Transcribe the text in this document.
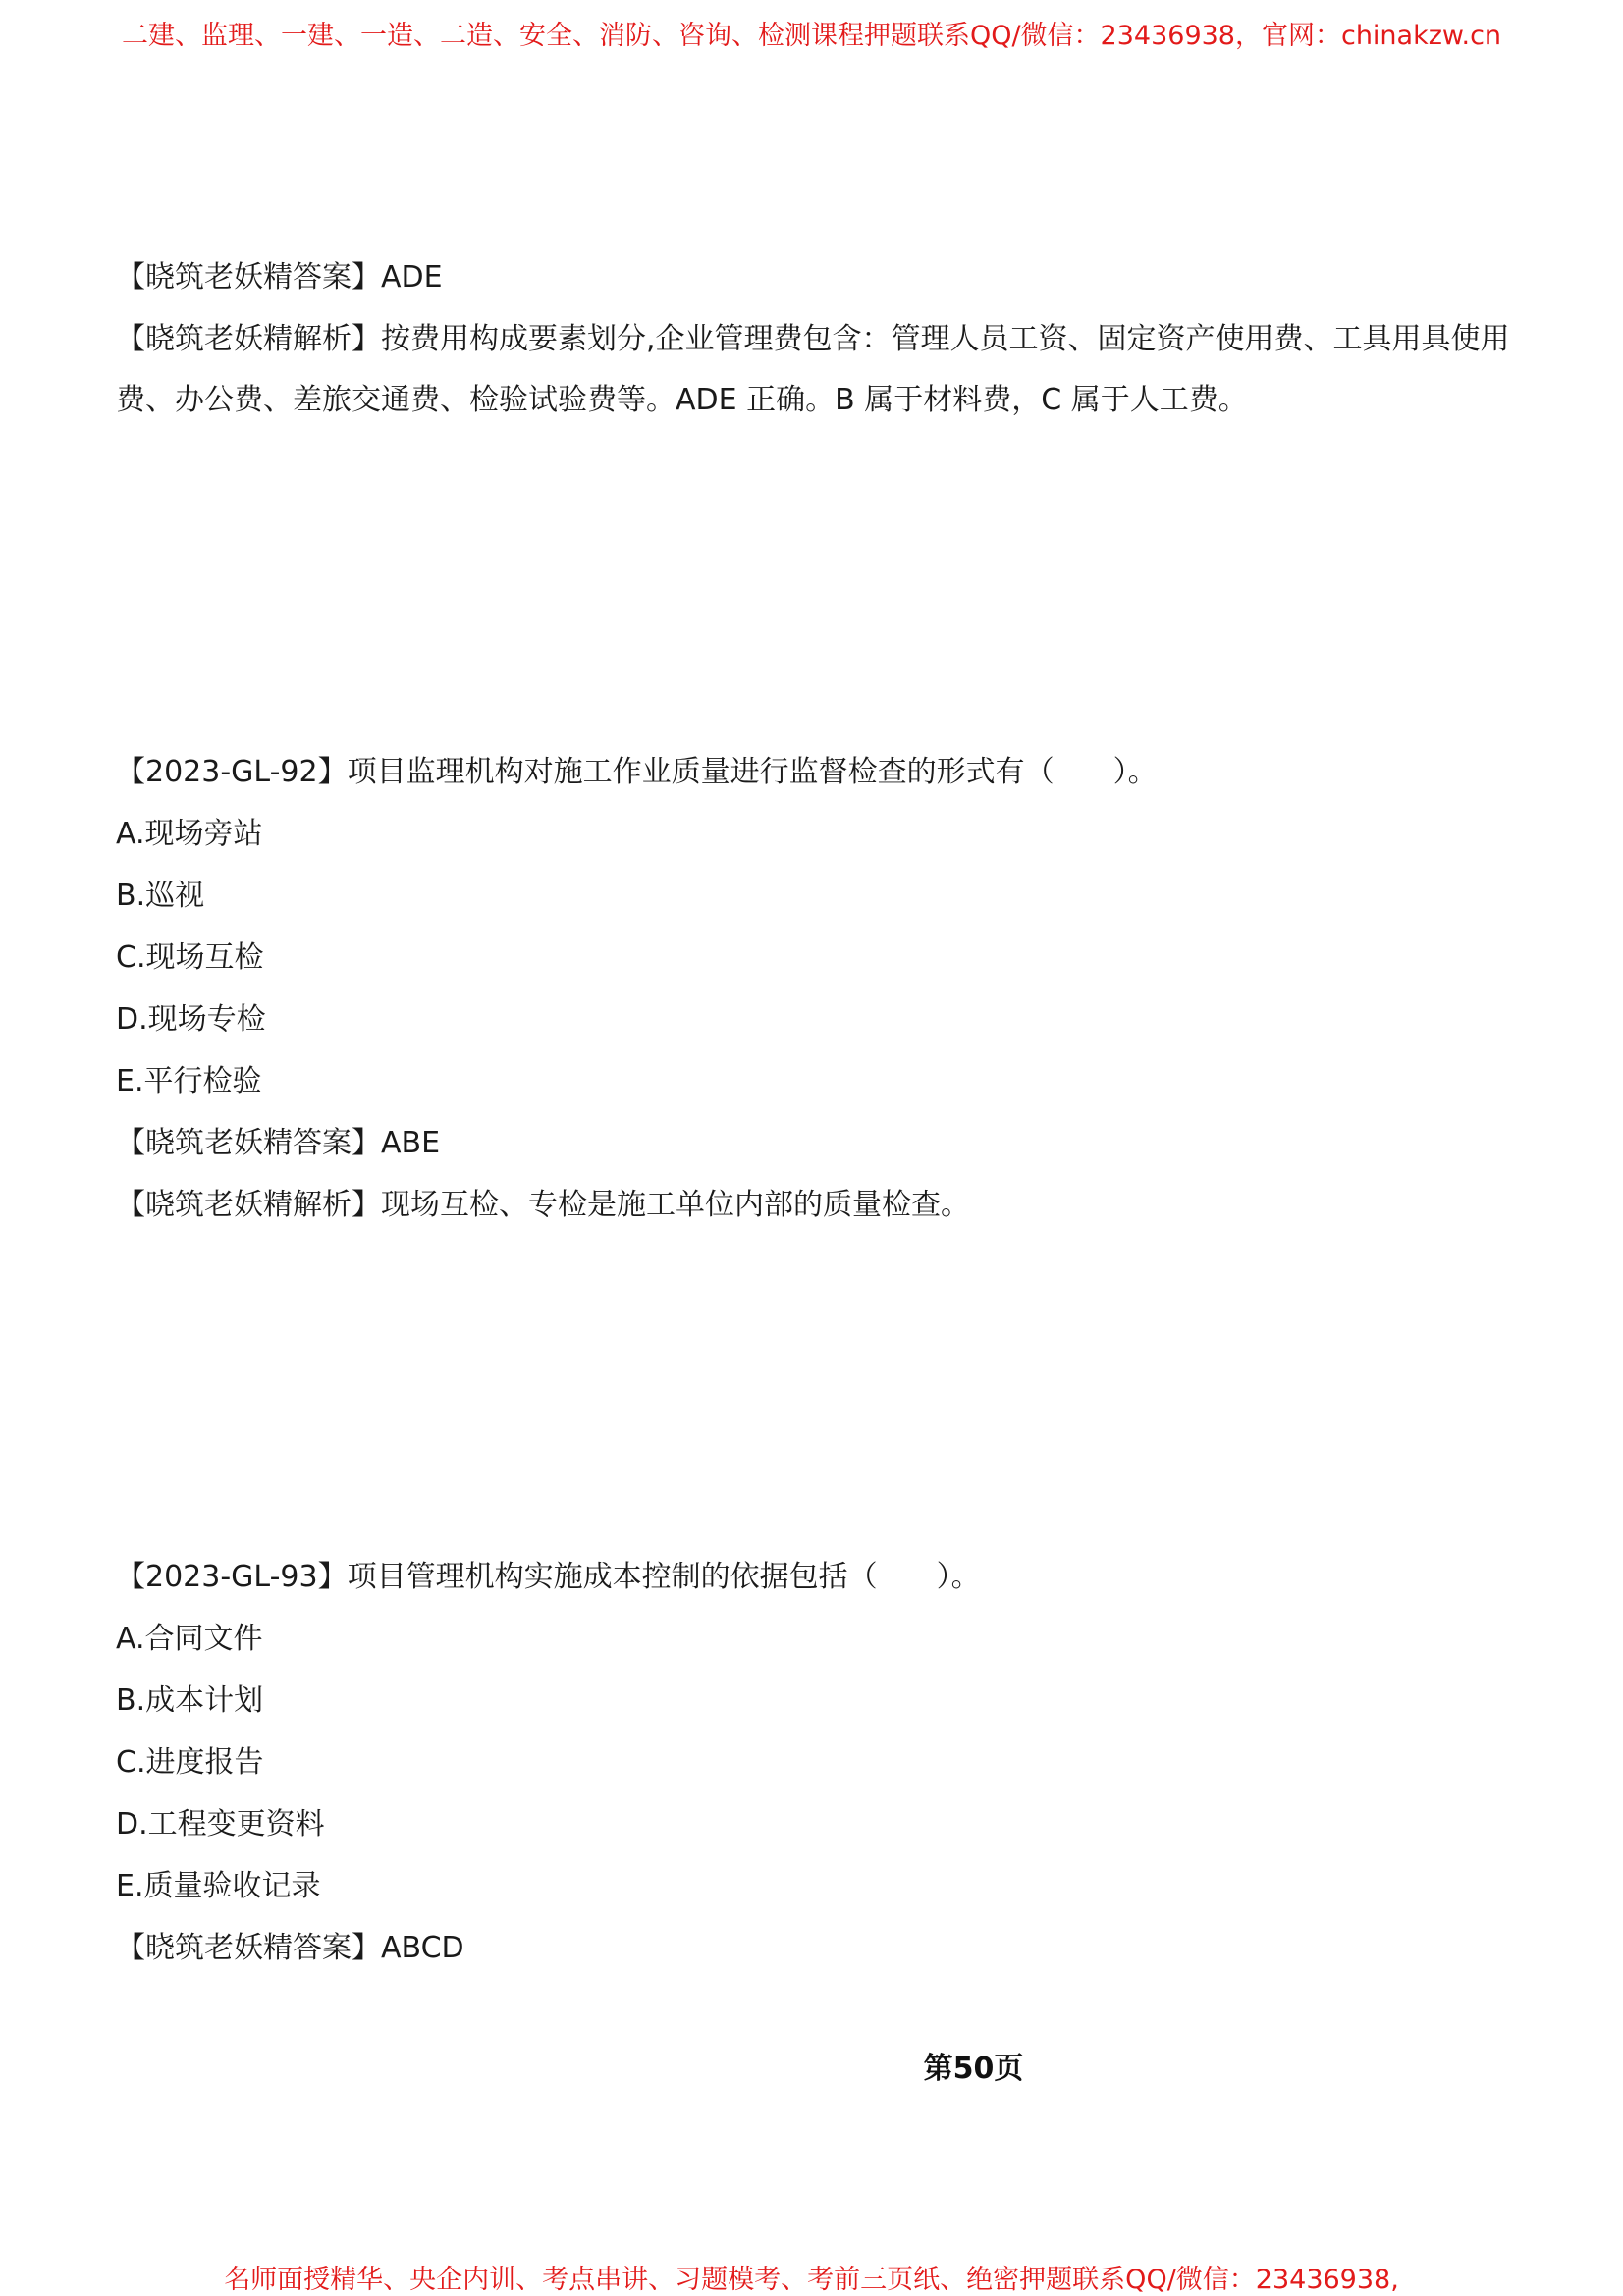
二建、监理、一建、一造、二造、安全、消防、咨询、检测课程押题联系QQ/微信：23436938，官网：chinakzw.cn
【晓筑老妖精答案】ADE
【晓筑老妖精解析】按费用构成要素划分,企业管理费包含：管理人员工资、固定资产使用费、工具用具使用
费、办公费、差旅交通费、检验试验费等。ADE 正确。B 属于材料费，C 属于人工费。
【2023-GL-92】项目监理机构对施工作业质量进行监督检查的形式有（　　）。
A.现场旁站
B.巡视
C.现场互检
D.现场专检
E.平行检验
【晓筑老妖精答案】ABE
【晓筑老妖精解析】现场互检、专检是施工单位内部的质量检查。
【2023-GL-93】项目管理机构实施成本控制的依据包括（　　）。
A.合同文件
B.成本计划
C.进度报告
D.工程变更资料
E.质量验收记录
【晓筑老妖精答案】ABCD
第50页
名师面授精华、央企内训、考点串讲、习题模考、考前三页纸、绝密押题联系QQ/微信：23436938,
